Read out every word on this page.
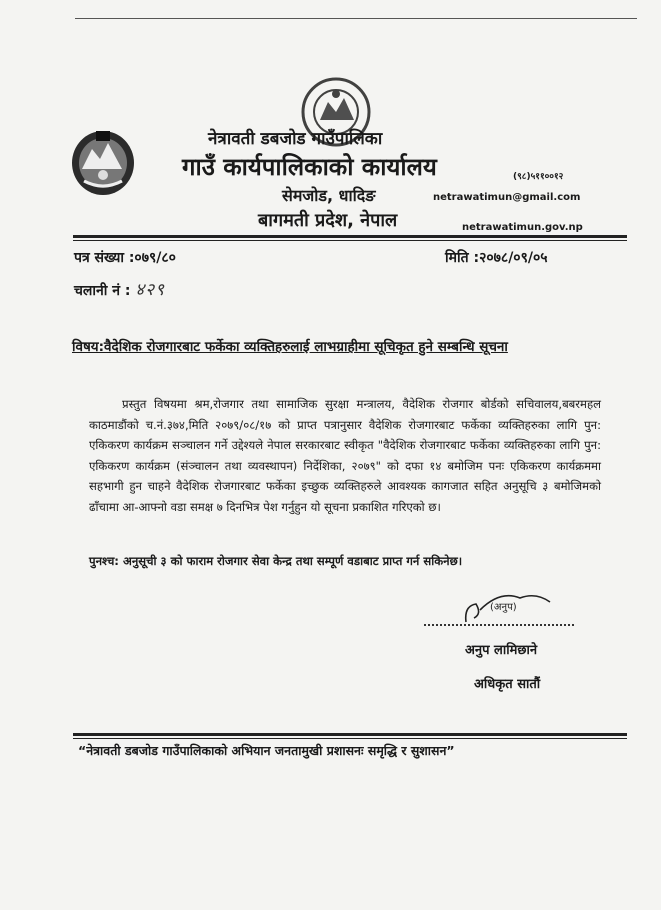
नेत्रावती डबजोड गाउँपालिका
गाउँ कार्यपालिकाको कार्यालय	(९८)५११००१२
सेमजोड, धादिङ	netrawatimun@gmail.com
बागमती प्रदेश, नेपाल	netrawatimun.gov.np
पत्र संख्या :०७९/८०	मिति :२०७८/०९/०५
चलानी नं : ४२९
विषय:वैदेशिक रोजगारबाट फर्केका व्यक्तिहरुलाई लाभग्राहीमा सूचिकृत हुने सम्बन्धि सूचना
प्रस्तुत विषयमा श्रम,रोजगार तथा सामाजिक सुरक्षा मन्त्रालय, वैदेशिक रोजगार बोर्डको सचिवालय,बबरमहल काठमाडौंको च.नं.३७४,मिति २०७९/०८/१७ को प्राप्त पत्रानुसार वैदेशिक रोजगारबाट फर्केका व्यक्तिहरुका लागि पुन: एकिकरण कार्यक्रम सञ्चालन गर्ने उद्देश्यले नेपाल सरकारबाट स्वीकृत "वैदेशिक रोजगारबाट फर्केका व्यक्तिहरुका लागि पुन: एकिकरण कार्यक्रम (संञ्चालन तथा व्यवस्थापन) निर्देशिका, २०७९" को दफा १४ बमोजिम पनः एकिकरण कार्यक्रममा सहभागी हुन चाहने वैदेशिक रोजगारबाट फर्केका इच्छुक व्यक्तिहरुले आवश्यक कागजात सहित अनुसूचि ३ बमोजिमको ढाँचामा आ-आफ्नो वडा समक्ष ७ दिनभित्र पेश गर्नुहुन यो सूचना प्रकाशित गरिएको छ।
पुनश्च: अनुसूची ३ को फाराम रोजगार सेवा केन्द्र तथा सम्पूर्ण वडाबाट प्राप्त गर्न सकिनेछ।
(अनुप)
अनुप लामिछाने
अधिकृत सातौं
“नेत्रावती डबजोड गाउँपालिकाको अभियान जनतामुखी प्रशासनः समृद्धि र सुशासन”
